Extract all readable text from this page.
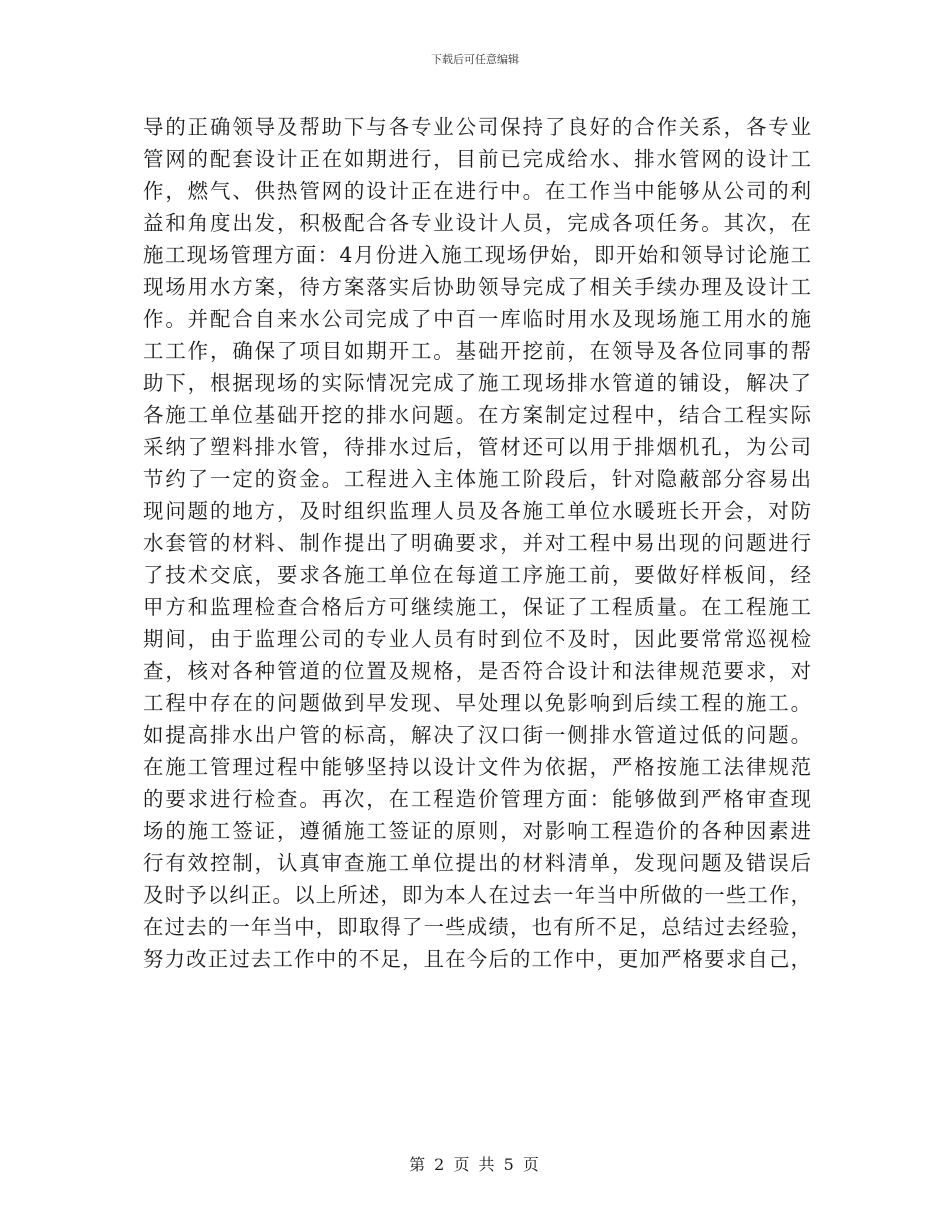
下载后可任意编辑
导的正确领导及帮助下与各专业公司保持了良好的合作关系，各专业
管网的配套设计正在如期进行，目前已完成给水、排水管网的设计工
作，燃气、供热管网的设计正在进行中。在工作当中能够从公司的利
益和角度出发，积极配合各专业设计人员，完成各项任务。其次，在
施工现场管理方面：4月份进入施工现场伊始，即开始和领导讨论施工
现场用水方案，待方案落实后协助领导完成了相关手续办理及设计工
作。并配合自来水公司完成了中百一库临时用水及现场施工用水的施
工工作，确保了项目如期开工。基础开挖前，在领导及各位同事的帮
助下，根据现场的实际情况完成了施工现场排水管道的铺设，解决了
各施工单位基础开挖的排水问题。在方案制定过程中，结合工程实际
采纳了塑料排水管，待排水过后，管材还可以用于排烟机孔，为公司
节约了一定的资金。工程进入主体施工阶段后，针对隐蔽部分容易出
现问题的地方，及时组织监理人员及各施工单位水暖班长开会，对防
水套管的材料、制作提出了明确要求，并对工程中易出现的问题进行
了技术交底，要求各施工单位在每道工序施工前，要做好样板间，经
甲方和监理检查合格后方可继续施工，保证了工程质量。在工程施工
期间，由于监理公司的专业人员有时到位不及时，因此要常常巡视检
查，核对各种管道的位置及规格，是否符合设计和法律规范要求，对
工程中存在的问题做到早发现、早处理以免影响到后续工程的施工。
如提高排水出户管的标高，解决了汉口街一侧排水管道过低的问题。
在施工管理过程中能够坚持以设计文件为依据，严格按施工法律规范
的要求进行检查。再次，在工程造价管理方面：能够做到严格审查现
场的施工签证，遵循施工签证的原则，对影响工程造价的各种因素进
行有效控制，认真审查施工单位提出的材料清单，发现问题及错误后
及时予以纠正。以上所述，即为本人在过去一年当中所做的一些工作，
在过去的一年当中，即取得了一些成绩，也有所不足，总结过去经验，
努力改正过去工作中的不足，且在今后的工作中，更加严格要求自己，
第 2 页 共 5 页
